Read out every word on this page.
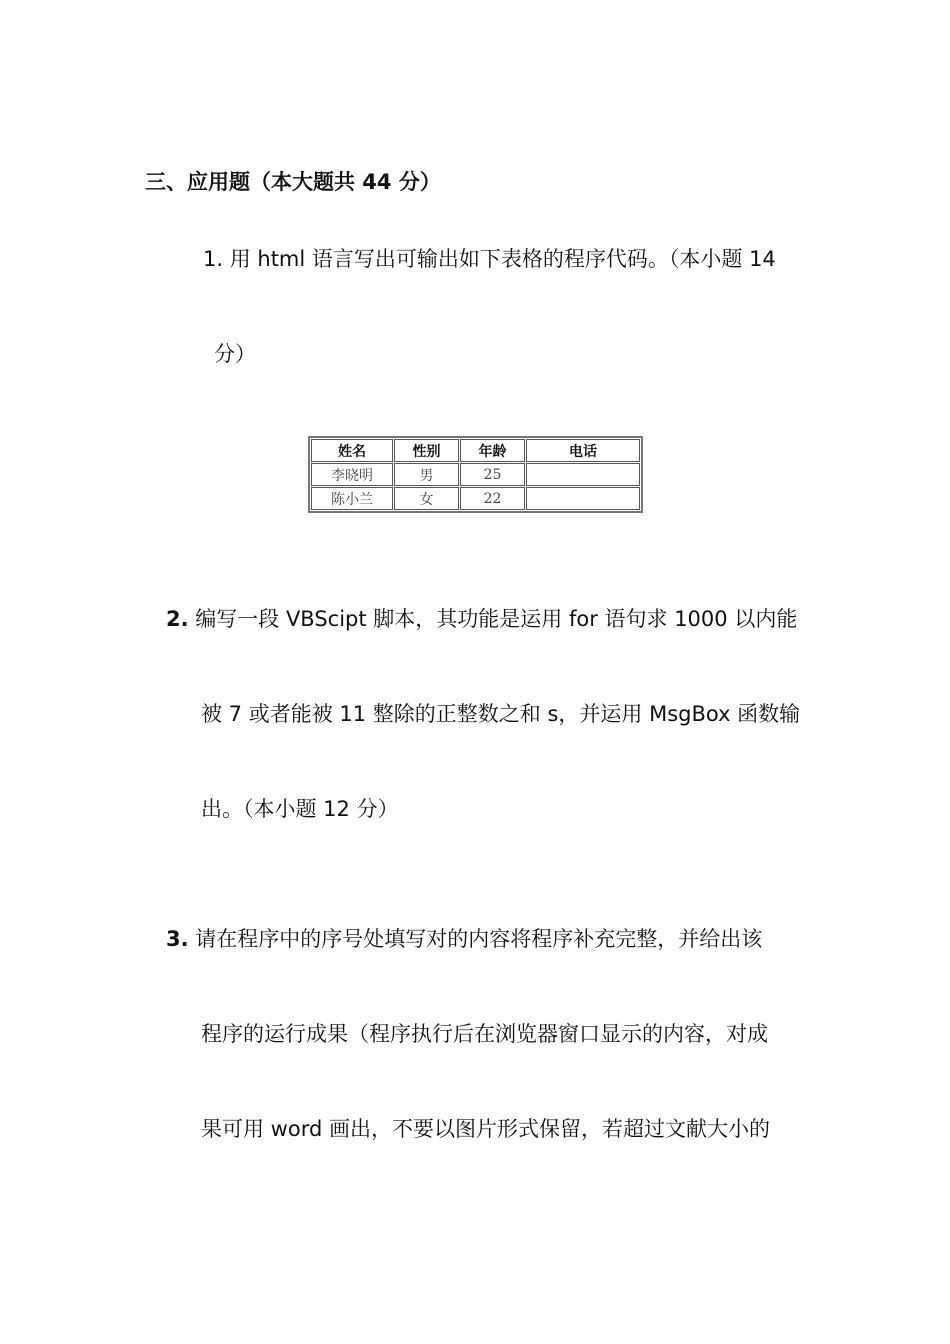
三、应用题（本大题共 44 分）
1. 用 html 语言写出可输出如下表格的程序代码。（本小题 14
分）
姓名	性别	年龄	电话
李晓明	男	25	
陈小兰	女	22	
2. 编写一段 VBScipt 脚本，其功能是运用 for 语句求 1000 以内能
被 7 或者能被 11 整除的正整数之和 s，并运用 MsgBox 函数输
出。（本小题 12 分）
3. 请在程序中的序号处填写对的内容将程序补充完整，并给出该
程序的运行成果（程序执行后在浏览器窗口显示的内容，对成
果可用 word 画出，不要以图片形式保留，若超过文献大小的
